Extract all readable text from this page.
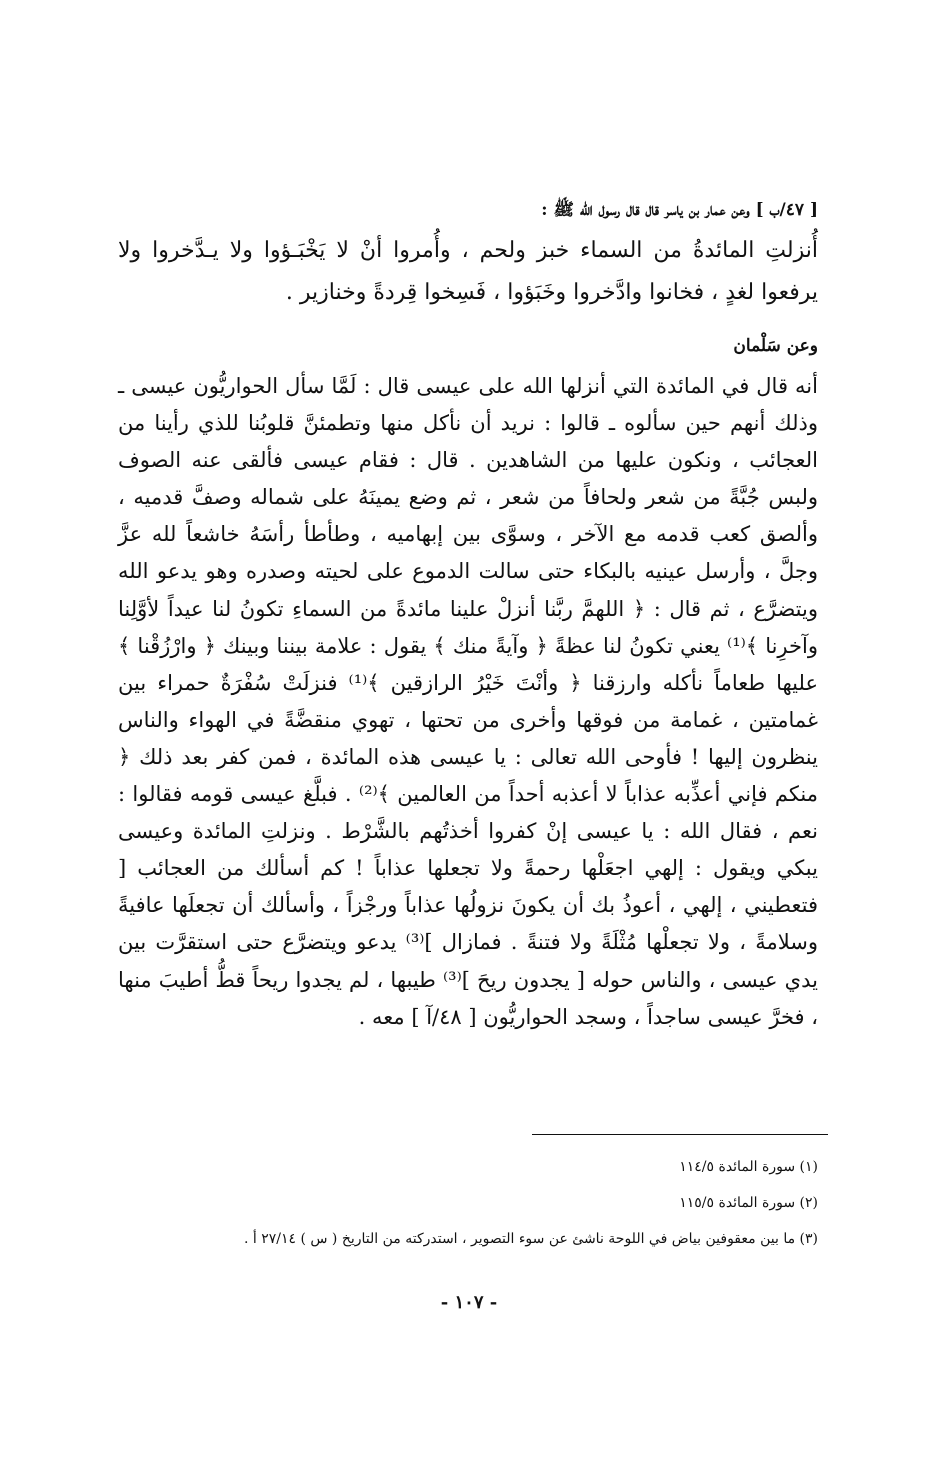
[ ٤٧/ب ] وعن عمار بن ياسر قال قال رسول الله ﷺ :
أُنزلتِ المائدةُ من السماء خبز ولحم ، وأُمروا أنْ لا يَخْبَـؤوا ولا يـدَّخروا ولا يرفعوا لغدٍ ، فخانوا وادَّخروا وخَبَؤوا ، فَسِخوا قِردةً وخنازير .
وعن سَلْمان
أنه قال في المائدة التي أنزلها الله على عيسى قال : لَمَّا سأل الحواريُّون عيسى ـ وذلك أنهم حين سألوه ـ قالوا : نريد أن نأكل منها وتطمئنَّ قلوبُنا للذي رأينا من العجائب ، ونكون عليها من الشاهدين . قال : فقام عيسى فألقى عنه الصوف ولبس جُبَّةً من شعر ولحافاً من شعر ، ثم وضع يمينَهُ على شماله وصفَّ قدميه ، وألصق كعب قدمه مع الآخر ، وسوَّى بين إبهاميه ، وطأطأ رأسَهُ خاشعاً لله عزَّ وجلَّ ، وأرسل عينيه بالبكاء حتى سالت الدموع على لحيته وصدره وهو يدعو الله ويتضرَّع ، ثم قال : ﴿ اللهمَّ ربَّنا أنزلْ علينا مائدةً من السماءِ تكونُ لنا عيداً لأوَّلِنا وآخرِنا ﴾⁽¹⁾ يعني تكونُ لنا عظةً ﴿ وآيةً منك ﴾ يقول : علامة بيننا وبينك ﴿ وارْزُقْنا ﴾ عليها طعاماً نأكله وارزقنا ﴿ وأنْتَ خَيْرُ الرازقين ﴾⁽¹⁾ فنزلَتْ سُفْرَةٌ حمراء بين غمامتين ، غمامة من فوقها وأخرى من تحتها ، تهوي منقضَّةً في الهواء والناس ينظرون إليها ! فأوحى الله تعالى : يا عيسى هذه المائدة ، فمن كفر بعد ذلك ﴿ منكم فإني أعذِّبه عذاباً لا أعذبه أحداً من العالمين ﴾⁽²⁾ . فبلَّغ عيسى قومه فقالوا : نعم ، فقال الله : يا عيسى إنْ كفروا أخذتُهم بالشَّرْط . ونزلتِ المائدة وعيسى يبكي ويقول : إلهي اجعَلْها رحمةً ولا تجعلها عذاباً ! كم أسألك من العجائب [ فتعطيني ، إلهي ، أعوذُ بك أن يكونَ نزولُها عذاباً ورجْزاً ، وأسألك أن تجعلَها عافيةً وسلامةً ، ولا تجعلْها مُثْلَةً ولا فتنةً . فمازال ]⁽³⁾ يدعو ويتضرَّع حتى استقرَّت بين يدي عيسى ، والناس حوله [ يجدون ريحَ ]⁽³⁾ طيبها ، لم يجدوا ريحاً قطُّ أطيبَ منها ، فخرَّ عيسى ساجداً ، وسجد الحواريُّون [ ٤٨/آ ] معه .
(١) سورة المائدة ١١٤/٥
(٢) سورة المائدة ١١٥/٥
(٣) ما بين معقوفين بياض في اللوحة ناشئ عن سوء التصوير ، استدركته من التاريخ ( س ) ٢٧/١٤ أ .
- ١٠٧ -
